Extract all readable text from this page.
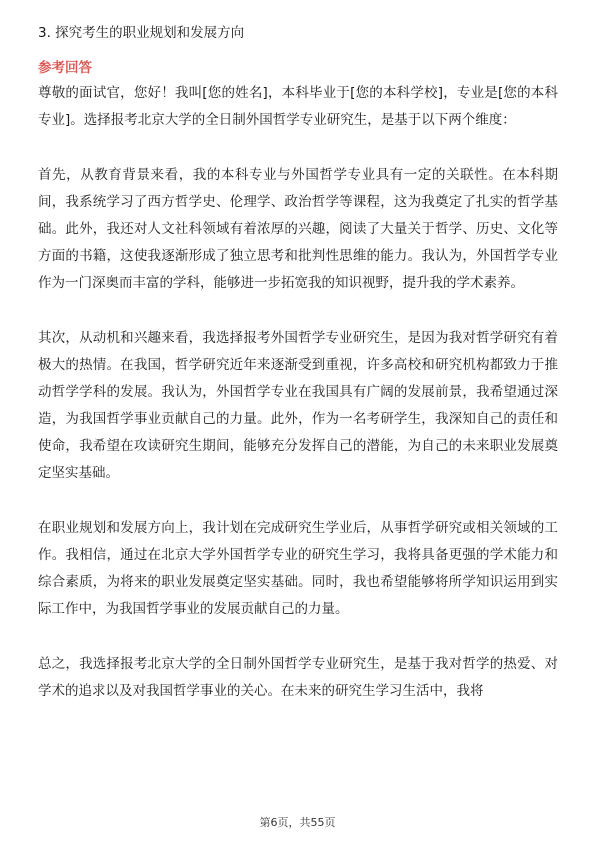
3. 探究考生的职业规划和发展方向
参考回答

尊敬的面试官，您好！我叫[您的姓名]，本科毕业于[您的本科学校]，专业是[您的本科专业]。选择报考北京大学的全日制外国哲学专业研究生，是基于以下两个维度：

首先，从教育背景来看，我的本科专业与外国哲学专业具有一定的关联性。在本科期间，我系统学习了西方哲学史、伦理学、政治哲学等课程，这为我奠定了扎实的哲学基础。此外，我还对人文社科领域有着浓厚的兴趣，阅读了大量关于哲学、历史、文化等方面的书籍，这使我逐渐形成了独立思考和批判性思维的能力。我认为，外国哲学专业作为一门深奥而丰富的学科，能够进一步拓宽我的知识视野，提升我的学术素养。

其次，从动机和兴趣来看，我选择报考外国哲学专业研究生，是因为我对哲学研究有着极大的热情。在我国，哲学研究近年来逐渐受到重视，许多高校和研究机构都致力于推动哲学学科的发展。我认为，外国哲学专业在我国具有广阔的发展前景，我希望通过深造，为我国哲学事业贡献自己的力量。此外，作为一名考研学生，我深知自己的责任和使命，我希望在攻读研究生期间，能够充分发挥自己的潜能，为自己的未来职业发展奠定坚实基础。

在职业规划和发展方向上，我计划在完成研究生学业后，从事哲学研究或相关领域的工作。我相信，通过在北京大学外国哲学专业的研究生学习，我将具备更强的学术能力和综合素质，为将来的职业发展奠定坚实基础。同时，我也希望能够将所学知识运用到实际工作中，为我国哲学事业的发展贡献自己的力量。

总之，我选择报考北京大学的全日制外国哲学专业研究生，是基于我对哲学的热爱、对学术的追求以及对我国哲学事业的关心。在未来的研究生学习生活中，我将

第6页，共55页
